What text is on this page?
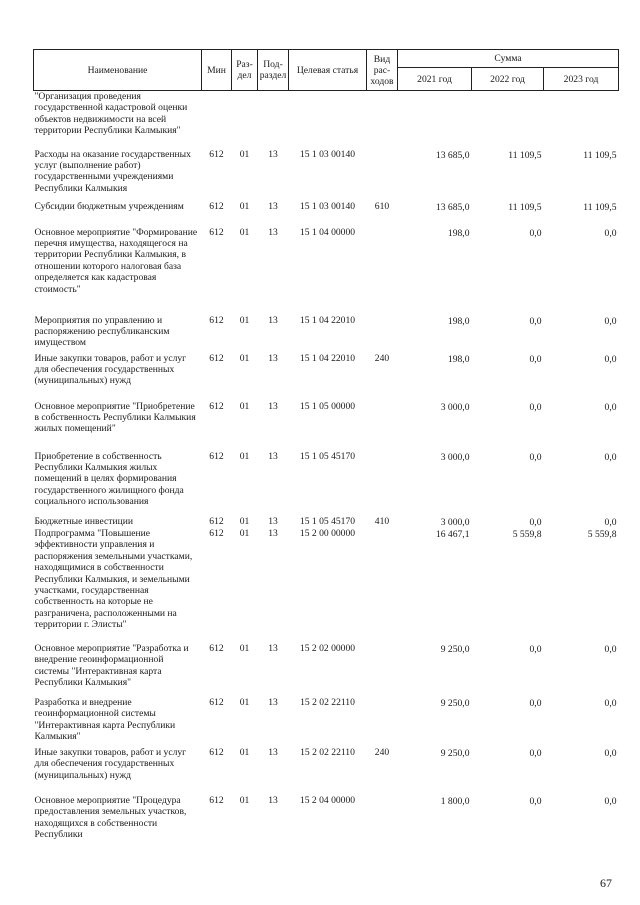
Наименование	Мин	Раз-дел	Под-раздел	Целевая статья	Вид рас-ходов	Сумма		
						2021 год	2022 год	2023 год
"Организация проведения государственной кадастровой оценки объектов недвижимости на всей территории Республики Калмыкия"								
Расходы на оказание государственных услуг (выполнение работ) государственными учреждениями Республики Калмыкия	612	01	13	15 1 03 00140		13 685,0	11 109,5	11 109,5
Субсидии бюджетным учреждениям	612	01	13	15 1 03 00140	610	13 685,0	11 109,5	11 109,5
Основное мероприятие "Формирование перечня имущества, находящегося на территории Республики Калмыкия, в отношении которого налоговая база определяется как кадастровая стоимость"	612	01	13	15 1 04 00000		198,0	0,0	0,0
Мероприятия по управлению и распоряжению республиканским имуществом	612	01	13	15 1 04 22010		198,0	0,0	0,0
Иные закупки товаров, работ и услуг для обеспечения государственных (муниципальных) нужд	612	01	13	15 1 04 22010	240	198,0	0,0	0,0
Основное мероприятие "Приобретение в собственность Республики Калмыкия жилых помещений"	612	01	13	15 1 05 00000		3 000,0	0,0	0,0
Приобретение в собственность Республики Калмыкия жилых помещений в целях формирования государственного жилищного фонда социального использования	612	01	13	15 1 05 45170		3 000,0	0,0	0,0
Бюджетные инвестиции	612	01	13	15 1 05 45170	410	3 000,0	0,0	0,0
Подпрограмма "Повышение эффективности управления и распоряжения земельными участками, находящимися в собственности Республики Калмыкия, и земельными участками, государственная собственность на которые не разграничена, расположенными на территории г. Элисты"	612	01	13	15 2 00 00000		16 467,1	5 559,8	5 559,8
Основное мероприятие "Разработка и внедрение геоинформационной системы "Интерактивная карта Республики Калмыкия"	612	01	13	15 2 02 00000		9 250,0	0,0	0,0
Разработка и внедрение геоинформационной системы "Интерактивная карта Республики Калмыкия"	612	01	13	15 2 02 22110		9 250,0	0,0	0,0
Иные закупки товаров, работ и услуг для обеспечения государственных (муниципальных) нужд	612	01	13	15 2 02 22110	240	9 250,0	0,0	0,0
Основное мероприятие "Процедура предоставления земельных участков, находящихся в собственности Республики	612	01	13	15 2 04 00000		1 800,0	0,0	0,0
67
